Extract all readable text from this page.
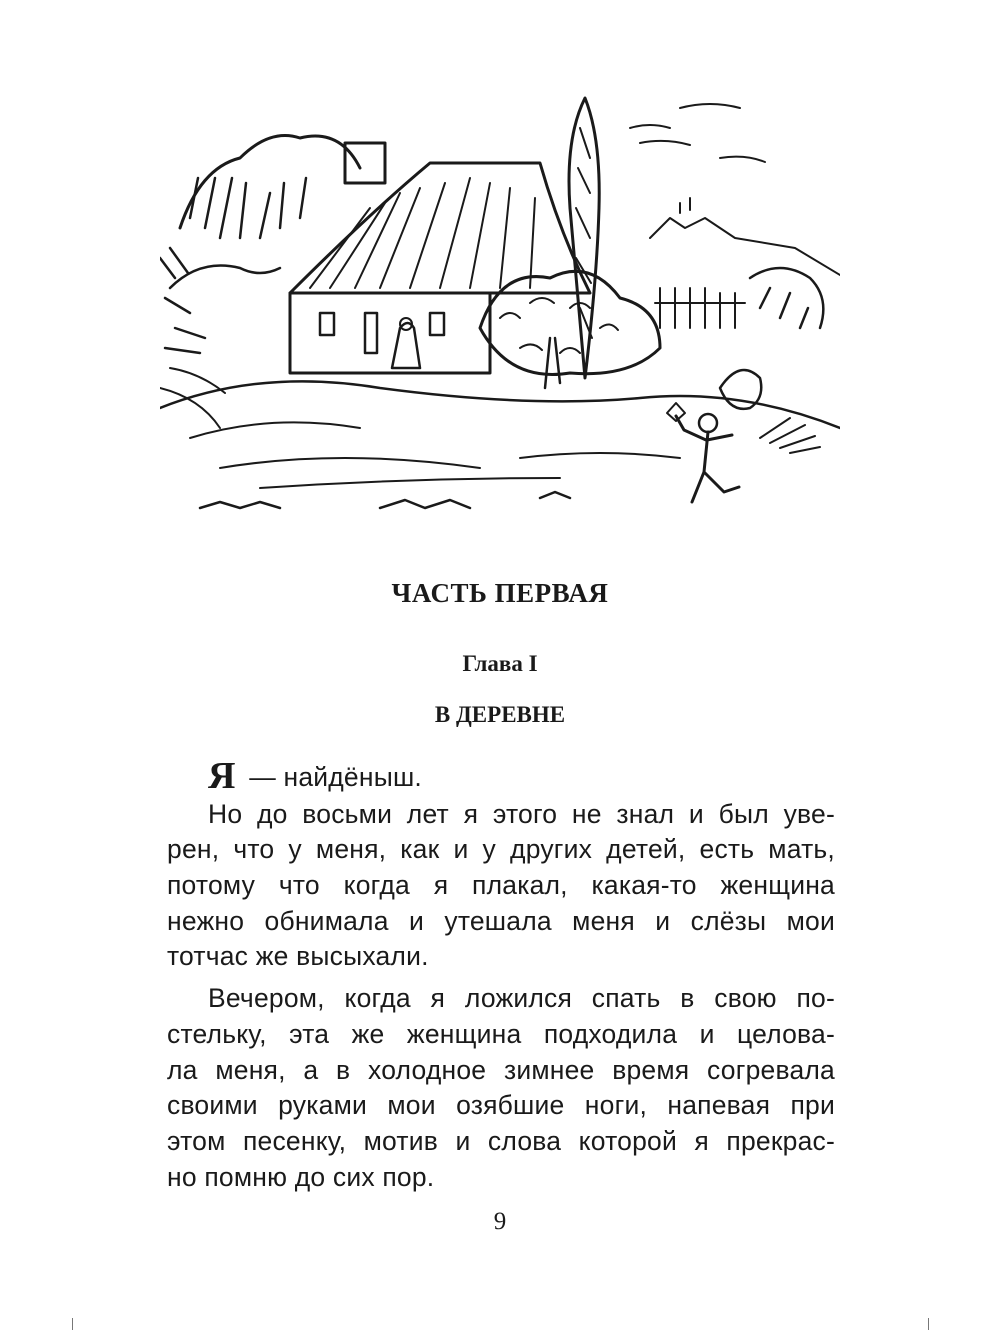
ЧАСТЬ ПЕРВАЯ
Глава I
В ДЕРЕВНЕ
Я — найдёныш.
Но до восьми лет я этого не знал и был уве-
рен, что у меня, как и у других детей, есть мать,
потому что когда я плакал, какая-то женщина
нежно обнимала и утешала меня и слёзы мои
тотчас же высыхали.
Вечером, когда я ложился спать в свою по-
стельку, эта же женщина подходила и целова-
ла меня, а в холодное зимнее время согревала
своими руками мои озябшие ноги, напевая при
этом песенку, мотив и слова которой я прекрас-
но помню до сих пор.
9
